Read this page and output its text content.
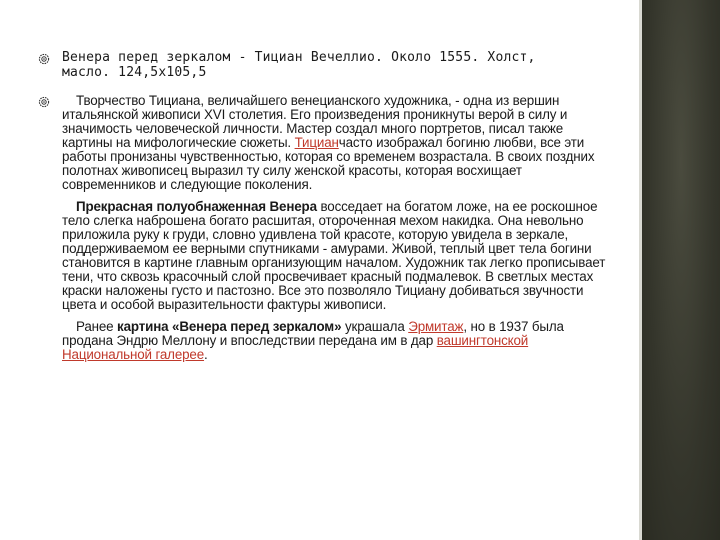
Венера перед зеркалом - Тициан Вечеллио. Около 1555. Холст,
масло. 124,5х105,5

Творчество Тициана, величайшего венецианского художника, - одна из вершин итальянской живописи XVI столетия. Его произведения проникнуты верой в силу и значимость человеческой личности. Мастер создал много портретов, писал также картины на мифологические сюжеты. Тицианчасто изображал богиню любви, все эти работы пронизаны чувственностью, которая со временем возрастала. В своих поздних полотнах живописец выразил ту силу женской красоты, которая восхищает современников и следующие поколения.

Прекрасная полуобнаженная Венера восседает на богатом ложе, на ее роскошное тело слегка наброшена богато расшитая, отороченная мехом накидка. Она невольно приложила руку к груди, словно удивлена той красоте, которую увидела в зеркале, поддерживаемом ее верными спутниками - амурами. Живой, теплый цвет тела богини становится в картине главным организующим началом. Художник так легко прописывает тени, что сквозь красочный слой просвечивает красный подмалевок. В светлых местах краски наложены густо и пастозно. Все это позволяло Тициану добиваться звучности цвета и особой выразительности фактуры живописи.

Ранее картина «Венера перед зеркалом» украшала Эрмитаж, но в 1937 была продана Эндрю Меллону и впоследствии передана им в дар вашингтонской Национальной галерее.
